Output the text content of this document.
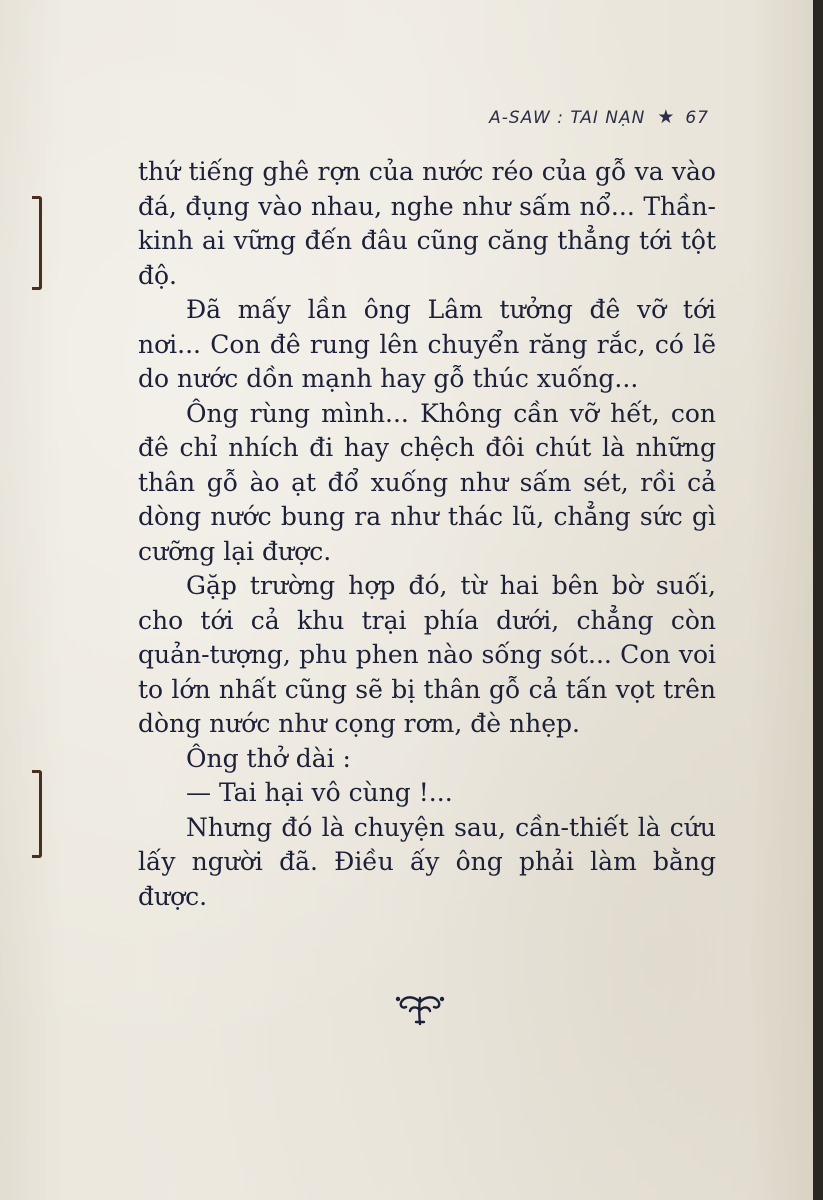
A-SAW : TAI NẠN ★ 67

thứ tiếng ghê rợn của nước réo của gỗ va vào đá, đụng vào nhau, nghe như sấm nổ... Thần-kinh ai vững đến đâu cũng căng thẳng tới tột độ.

Đã mấy lần ông Lâm tưởng đê vỡ tới nơi... Con đê rung lên chuyển răng rắc, có lẽ do nước dồn mạnh hay gỗ thúc xuống...

Ông rùng mình... Không cần vỡ hết, con đê chỉ nhích đi hay chệch đôi chút là những thân gỗ ào ạt đổ xuống như sấm sét, rồi cả dòng nước bung ra như thác lũ, chẳng sức gì cưỡng lại được.

Gặp trường hợp đó, từ hai bên bờ suối, cho tới cả khu trại phía dưới, chẳng còn quản-tượng, phu phen nào sống sót... Con voi to lớn nhất cũng sẽ bị thân gỗ cả tấn vọt trên dòng nước như cọng rơm, đè nhẹp.

Ông thở dài :

— Tai hại vô cùng !...

Nhưng đó là chuyện sau, cần-thiết là cứu lấy người đã. Điều ấy ông phải làm bằng được.
